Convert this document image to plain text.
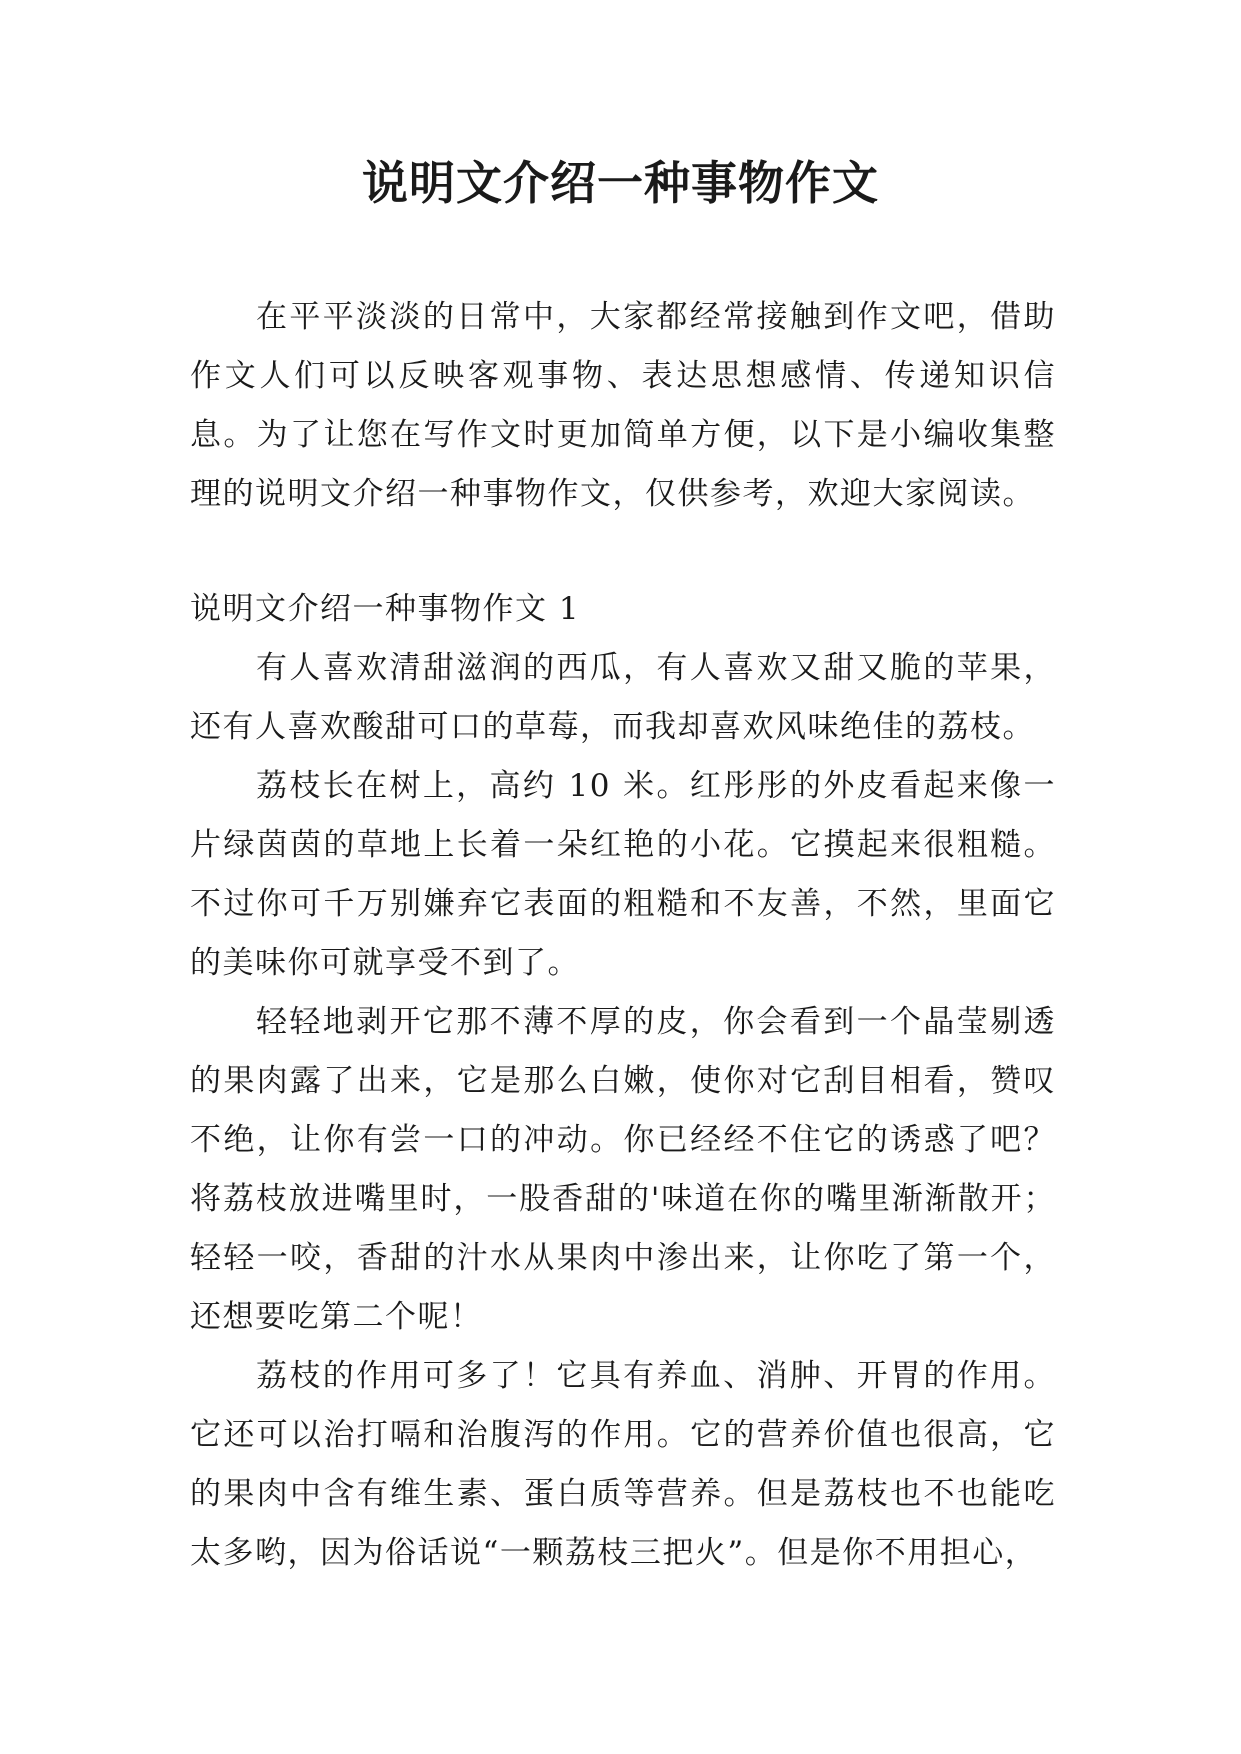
说明文介绍一种事物作文

在平平淡淡的日常中，大家都经常接触到作文吧，借助作文人们可以反映客观事物、表达思想感情、传递知识信息。为了让您在写作文时更加简单方便，以下是小编收集整理的说明文介绍一种事物作文，仅供参考，欢迎大家阅读。

说明文介绍一种事物作文 1

有人喜欢清甜滋润的西瓜，有人喜欢又甜又脆的苹果，还有人喜欢酸甜可口的草莓，而我却喜欢风味绝佳的荔枝。

荔枝长在树上，高约 10 米。红彤彤的外皮看起来像一片绿茵茵的草地上长着一朵红艳的小花。它摸起来很粗糙。不过你可千万别嫌弃它表面的粗糙和不友善，不然，里面它的美味你可就享受不到了。

轻轻地剥开它那不薄不厚的皮，你会看到一个晶莹剔透的果肉露了出来，它是那么白嫩，使你对它刮目相看，赞叹不绝，让你有尝一口的冲动。你已经经不住它的诱惑了吧？将荔枝放进嘴里时，一股香甜的'味道在你的嘴里渐渐散开；轻轻一咬，香甜的汁水从果肉中渗出来，让你吃了第一个，还想要吃第二个呢！

荔枝的作用可多了！它具有养血、消肿、开胃的作用。它还可以治打嗝和治腹泻的作用。它的营养价值也很高，它的果肉中含有维生素、蛋白质等营养。但是荔枝也不也能吃太多哟，因为俗话说“一颗荔枝三把火”。但是你不用担心，
